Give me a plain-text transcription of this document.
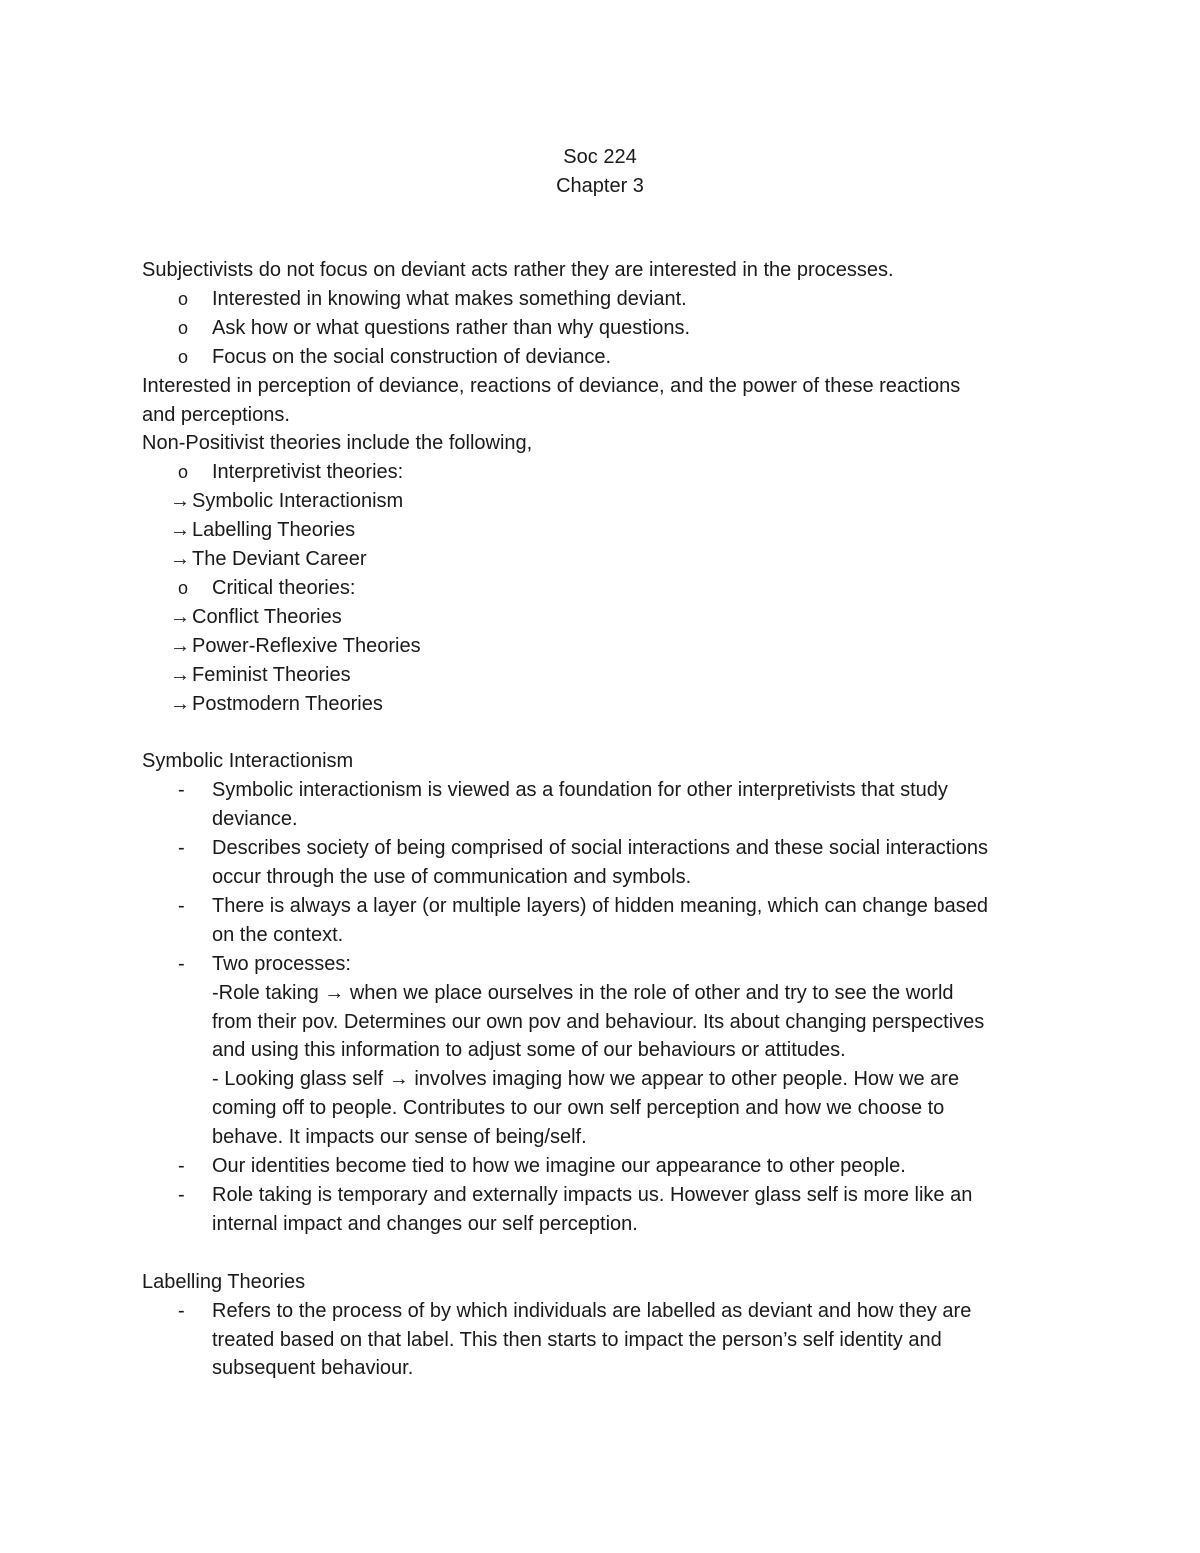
Soc 224
Chapter 3
Subjectivists do not focus on deviant acts rather they are interested in the processes.
o Interested in knowing what makes something deviant.
o Ask how or what questions rather than why questions.
o Focus on the social construction of deviance.
Interested in perception of deviance, reactions of deviance, and the power of these reactions
and perceptions.
Non-Positivist theories include the following,
o Interpretivist theories:
→ Symbolic Interactionism
→ Labelling Theories
→ The Deviant Career
o Critical theories:
→ Conflict Theories
→ Power-Reflexive Theories
→ Feminist Theories
→ Postmodern Theories
Symbolic Interactionism
- Symbolic interactionism is viewed as a foundation for other interpretivists that study
deviance.
- Describes society of being comprised of social interactions and these social interactions
occur through the use of communication and symbols.
- There is always a layer (or multiple layers) of hidden meaning, which can change based
on the context.
- Two processes:
-Role taking → when we place ourselves in the role of other and try to see the world
from their pov. Determines our own pov and behaviour. Its about changing perspectives
and using this information to adjust some of our behaviours or attitudes.
- Looking glass self → involves imaging how we appear to other people. How we are
coming off to people. Contributes to our own self perception and how we choose to
behave. It impacts our sense of being/self.
- Our identities become tied to how we imagine our appearance to other people.
- Role taking is temporary and externally impacts us. However glass self is more like an
internal impact and changes our self perception.
Labelling Theories
- Refers to the process of by which individuals are labelled as deviant and how they are
treated based on that label. This then starts to impact the person’s self identity and
subsequent behaviour.
